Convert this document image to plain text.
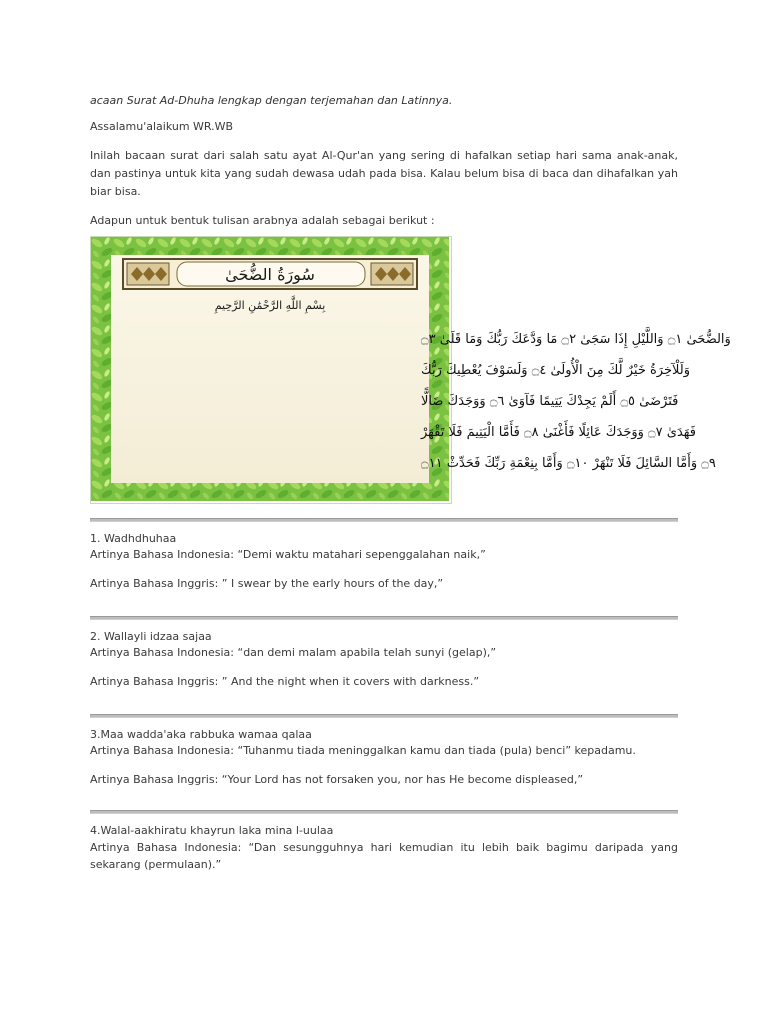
acaan Surat Ad-Dhuha lengkap dengan terjemahan dan Latinnya.

Assalamu'alaikum WR.WB

Inilah bacaan surat dari salah satu ayat Al-Qur'an yang sering di hafalkan setiap hari sama anak-anak, dan pastinya untuk kita yang sudah dewasa udah pada bisa. Kalau belum bisa di baca dan dihafalkan yah biar bisa.

Adapun untuk bentuk tulisan arabnya adalah sebagai berikut :

سُورَةُ الضُّحَىٰ
بِسْمِ اللَّهِ الرَّحْمَٰنِ الرَّحِيمِ
وَالضُّحَىٰ ۝١ وَاللَّيْلِ إِذَا سَجَىٰ ۝٢ مَا وَدَّعَكَ رَبُّكَ وَمَا قَلَىٰ ۝٣
وَلَلْآخِرَةُ خَيْرٌ لَّكَ مِنَ الْأُولَىٰ ۝٤ وَلَسَوْفَ يُعْطِيكَ رَبُّكَ
فَتَرْضَىٰ ۝٥ أَلَمْ يَجِدْكَ يَتِيمًا فَآوَىٰ ۝٦ وَوَجَدَكَ ضَالًّا
فَهَدَىٰ ۝٧ وَوَجَدَكَ عَائِلًا فَأَغْنَىٰ ۝٨ فَأَمَّا الْيَتِيمَ فَلَا تَقْهَرْ
۝٩ وَأَمَّا السَّائِلَ فَلَا تَنْهَرْ ۝١٠ وَأَمَّا بِنِعْمَةِ رَبِّكَ فَحَدِّثْ ۝١١

1. Wadhdhuhaa

Artinya Bahasa Indonesia: “Demi waktu matahari sepenggalahan naik,”

Artinya Bahasa Inggris: ” I swear by the early hours of the day,”

2. Wallayli idzaa sajaa

Artinya Bahasa Indonesia: “dan demi malam apabila telah sunyi (gelap),”

Artinya Bahasa Inggris: ” And the night when it covers with darkness.”

3.Maa wadda'aka rabbuka wamaa qalaa

Artinya Bahasa Indonesia: “Tuhanmu tiada meninggalkan kamu dan tiada (pula) benci” kepadamu.

Artinya Bahasa Inggris: “Your Lord has not forsaken you, nor has He become displeased,”

4.Walal-aakhiratu khayrun laka mina l-uulaa

Artinya Bahasa Indonesia: “Dan sesungguhnya hari kemudian itu lebih baik bagimu daripada yang sekarang (permulaan).”
